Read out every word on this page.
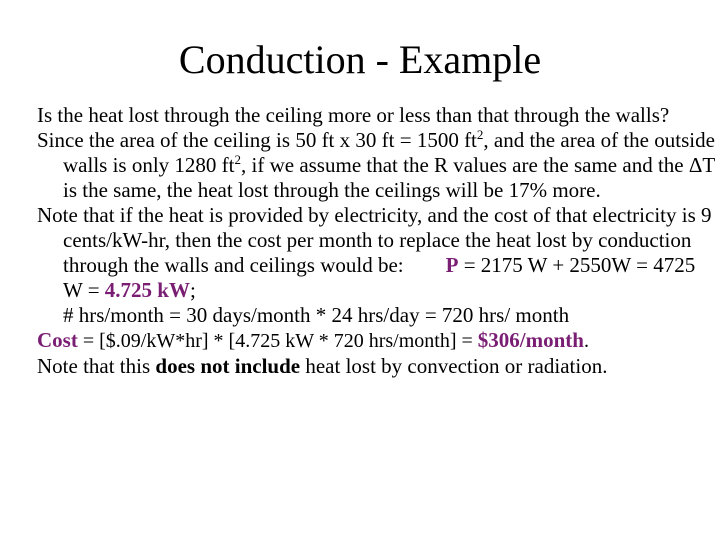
Conduction - Example

Is the heat lost through the ceiling more or less than that through the walls?

Since the area of the ceiling is 50 ft x 30 ft = 1500 $ft^2$, and the area of the outside walls is only 1280 $ft^2$, if we assume that the R values are the same and the ΔT is the same, the heat lost through the ceilings will be 17% more.

Note that if the heat is provided by electricity, and the cost of that electricity is 9 cents/kW-hr, then the cost per month to replace the heat lost by conduction through the walls and ceilings would be: P = 2175 W + 2550W = 4725 W = 4.725 kW;

# hrs/month = 30 days/month * 24 hrs/day = 720 hrs/ month

Cost = [$.09/kW*hr] * [4.725 kW * 720 hrs/month] = $306/month.

Note that this does not include heat lost by convection or radiation.
